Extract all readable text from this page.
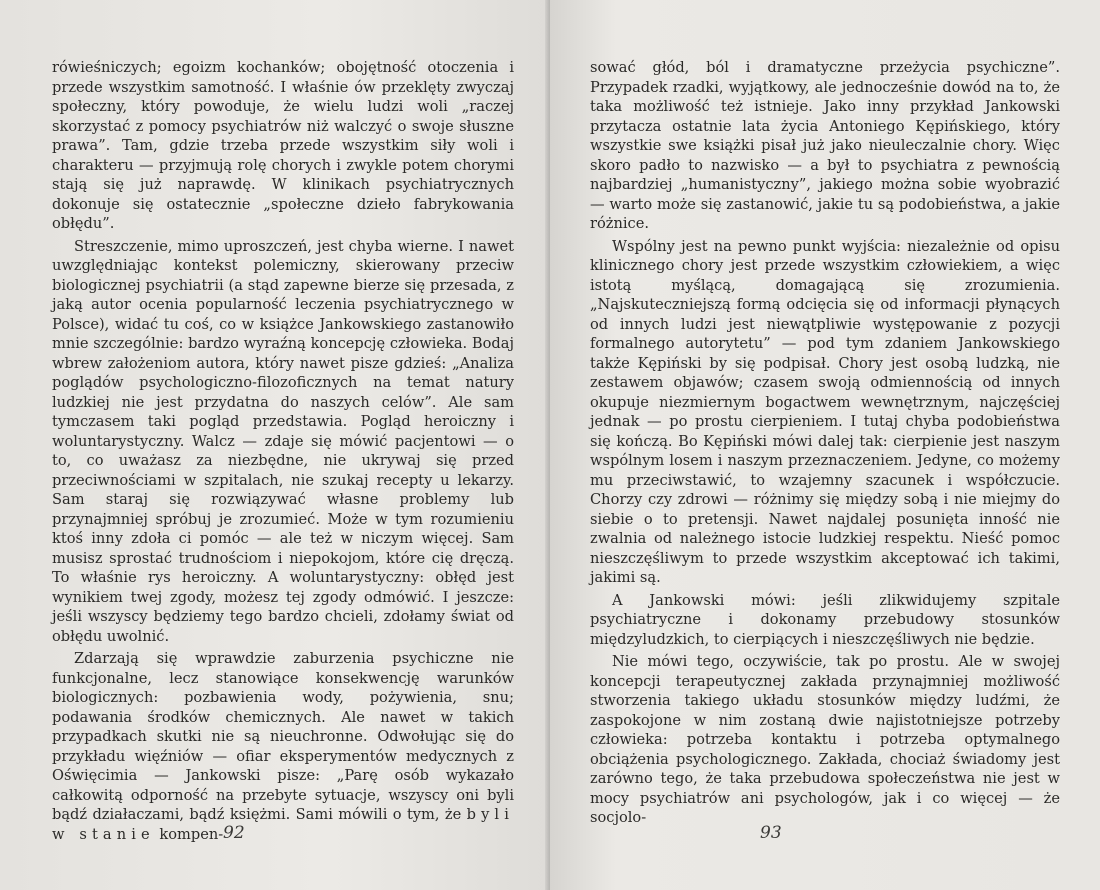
rówieśniczych; egoizm kochanków; obojętność otoczenia i przede wszystkim samotność. I właśnie ów przeklęty zwyczaj społeczny, który powoduje, że wielu ludzi woli „raczej skorzystać z pomocy psychiatrów niż walczyć o swoje słuszne prawa”. Tam, gdzie trzeba przede wszystkim siły woli i charakteru — przyjmują rolę chorych i zwykle potem chorymi stają się już naprawdę. W klinikach psychiatrycznych dokonuje się ostatecznie „społeczne dzieło fabrykowania obłędu”.

Streszczenie, mimo uproszczeń, jest chyba wierne. I nawet uwzględniając kontekst polemiczny, skierowany przeciw biologicznej psychiatrii (a stąd zapewne bierze się przesada, z jaką autor ocenia popularność leczenia psychiatrycznego w Polsce), widać tu coś, co w książce Jankowskiego zastanowiło mnie szczególnie: bardzo wyraźną koncepcję człowieka. Bodaj wbrew założeniom autora, który nawet pisze gdzieś: „Analiza poglądów psychologiczno-filozoficznych na temat natury ludzkiej nie jest przydatna do naszych celów”. Ale sam tymczasem taki pogląd przedstawia. Pogląd heroiczny i woluntarystyczny. Walcz — zdaje się mówić pacjentowi — o to, co uważasz za niezbędne, nie ukrywaj się przed przeciwnościami w szpitalach, nie szukaj recepty u lekarzy. Sam staraj się rozwiązywać własne problemy lub przynajmniej spróbuj je zrozumieć. Może w tym rozumieniu ktoś inny zdoła ci pomóc — ale też w niczym więcej. Sam musisz sprostać trudnościom i niepokojom, które cię dręczą. To właśnie rys heroiczny. A woluntarystyczny: obłęd jest wynikiem twej zgody, możesz tej zgody odmówić. I jeszcze: jeśli wszyscy będziemy tego bardzo chcieli, zdołamy świat od obłędu uwolnić.

Zdarzają się wprawdzie zaburzenia psychiczne nie funkcjonalne, lecz stanowiące konsekwencję warunków biologicznych: pozbawienia wody, pożywienia, snu; podawania środków chemicznych. Ale nawet w takich przypadkach skutki nie są nieuchronne. Odwołując się do przykładu więźniów — ofiar eksperymentów medycznych z Oświęcimia — Jankowski pisze: „Parę osób wykazało całkowitą odporność na przebyte sytuacje, wszyscy oni byli bądź działaczami, bądź księżmi. Sami mówili o tym, że byli w stanie kompen- 92

sować głód, ból i dramatyczne przeżycia psychiczne”. Przypadek rzadki, wyjątkowy, ale jednocześnie dowód na to, że taka możliwość też istnieje. Jako inny przykład Jankowski przytacza ostatnie lata życia Antoniego Kępińskiego, który wszystkie swe książki pisał już jako nieuleczalnie chory. Więc skoro padło to nazwisko — a był to psychiatra z pewnością najbardziej „humanistyczny”, jakiego można sobie wyobrazić — warto może się zastanowić, jakie tu są podobieństwa, a jakie różnice.

Wspólny jest na pewno punkt wyjścia: niezależnie od opisu klinicznego chory jest przede wszystkim człowiekiem, a więc istotą myślącą, domagającą się zrozumienia. „Najskuteczniejszą formą odcięcia się od informacji płynących od innych ludzi jest niewątpliwie występowanie z pozycji formalnego autorytetu” — pod tym zdaniem Jankowskiego także Kępiński by się podpisał. Chory jest osobą ludzką, nie zestawem objawów; czasem swoją odmiennością od innych okupuje niezmiernym bogactwem wewnętrznym, najczęściej jednak — po prostu cierpieniem. I tutaj chyba podobieństwa się kończą. Bo Kępiński mówi dalej tak: cierpienie jest naszym wspólnym losem i naszym przeznaczeniem. Jedyne, co możemy mu przeciwstawić, to wzajemny szacunek i współczucie. Chorzy czy zdrowi — różnimy się między sobą i nie miejmy do siebie o to pretensji. Nawet najdalej posunięta inność nie zwalnia od należnego istocie ludzkiej respektu. Nieść pomoc nieszczęśliwym to przede wszystkim akceptować ich takimi, jakimi są.

A Jankowski mówi: jeśli zlikwidujemy szpitale psychiatryczne i dokonamy przebudowy stosunków międzyludzkich, to cierpiących i nieszczęśliwych nie będzie.

Nie mówi tego, oczywiście, tak po prostu. Ale w swojej koncepcji terapeutycznej zakłada przynajmniej możliwość stworzenia takiego układu stosunków między ludźmi, że zaspokojone w nim zostaną dwie najistotniejsze potrzeby człowieka: potrzeba kontaktu i potrzeba optymalnego obciążenia psychologicznego. Zakłada, chociaż świadomy jest zarówno tego, że taka przebudowa społeczeństwa nie jest w mocy psychiatrów ani psychologów, jak i co więcej — że socjolo-

93
